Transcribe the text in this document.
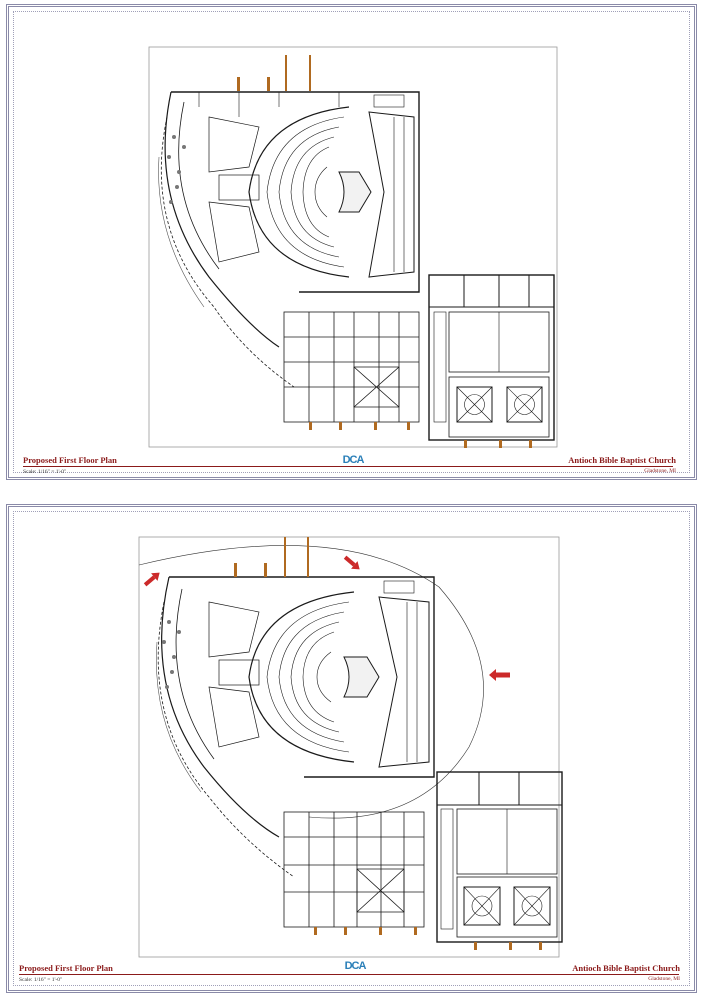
Proposed First Floor Plan
Scale: 1/16" = 1'-0"
DCA	Antioch Bible Baptist Church
Gladstone, MI
Proposed First Floor Plan
Scale: 1/16" = 1'-0"
DCA	Antioch Bible Baptist Church
Gladstone, MI
